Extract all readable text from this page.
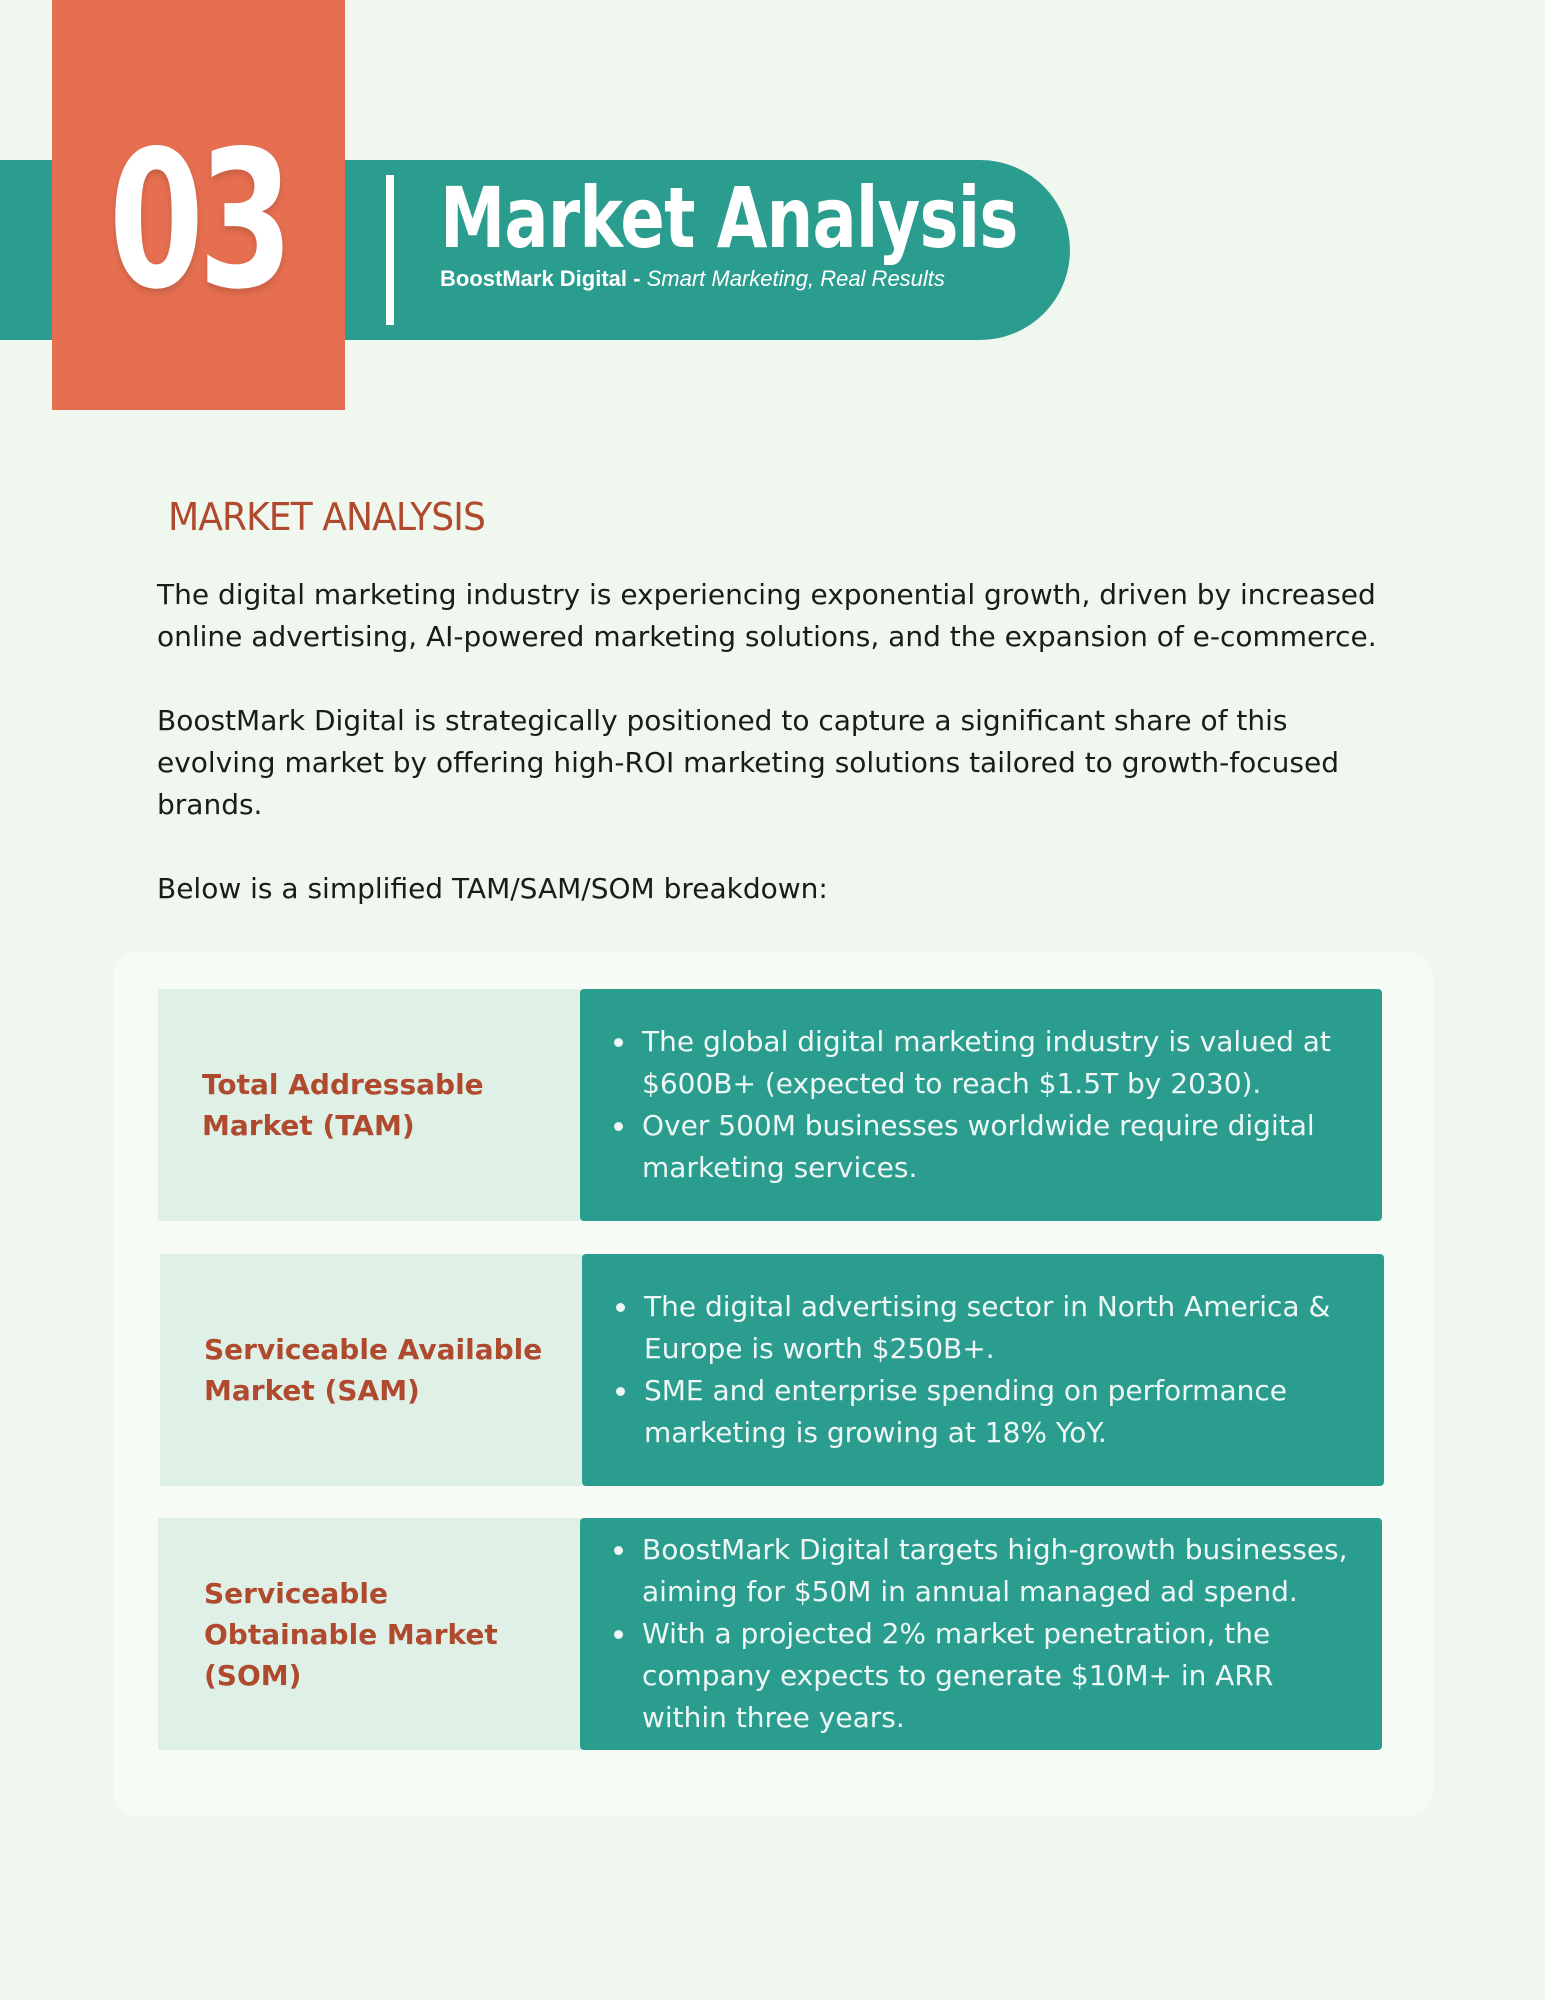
03 Market Analysis
BoostMark Digital - Smart Marketing, Real Results
MARKET ANALYSIS

The digital marketing industry is experiencing exponential growth, driven by increased online advertising, AI-powered marketing solutions, and the expansion of e-commerce.

BoostMark Digital is strategically positioned to capture a significant share of this evolving market by offering high-ROI marketing solutions tailored to growth-focused brands.

Below is a simplified TAM/SAM/SOM breakdown:

Total Addressable Market (TAM)
• The global digital marketing industry is valued at $600B+ (expected to reach $1.5T by 2030).
• Over 500M businesses worldwide require digital marketing services.
Serviceable Available Market (SAM)
• The digital advertising sector in North America & Europe is worth $250B+.
• SME and enterprise spending on performance marketing is growing at 18% YoY.
Serviceable Obtainable Market (SOM)
• BoostMark Digital targets high-growth businesses, aiming for $50M in annual managed ad spend.
• With a projected 2% market penetration, the company expects to generate $10M+ in ARR within three years.
